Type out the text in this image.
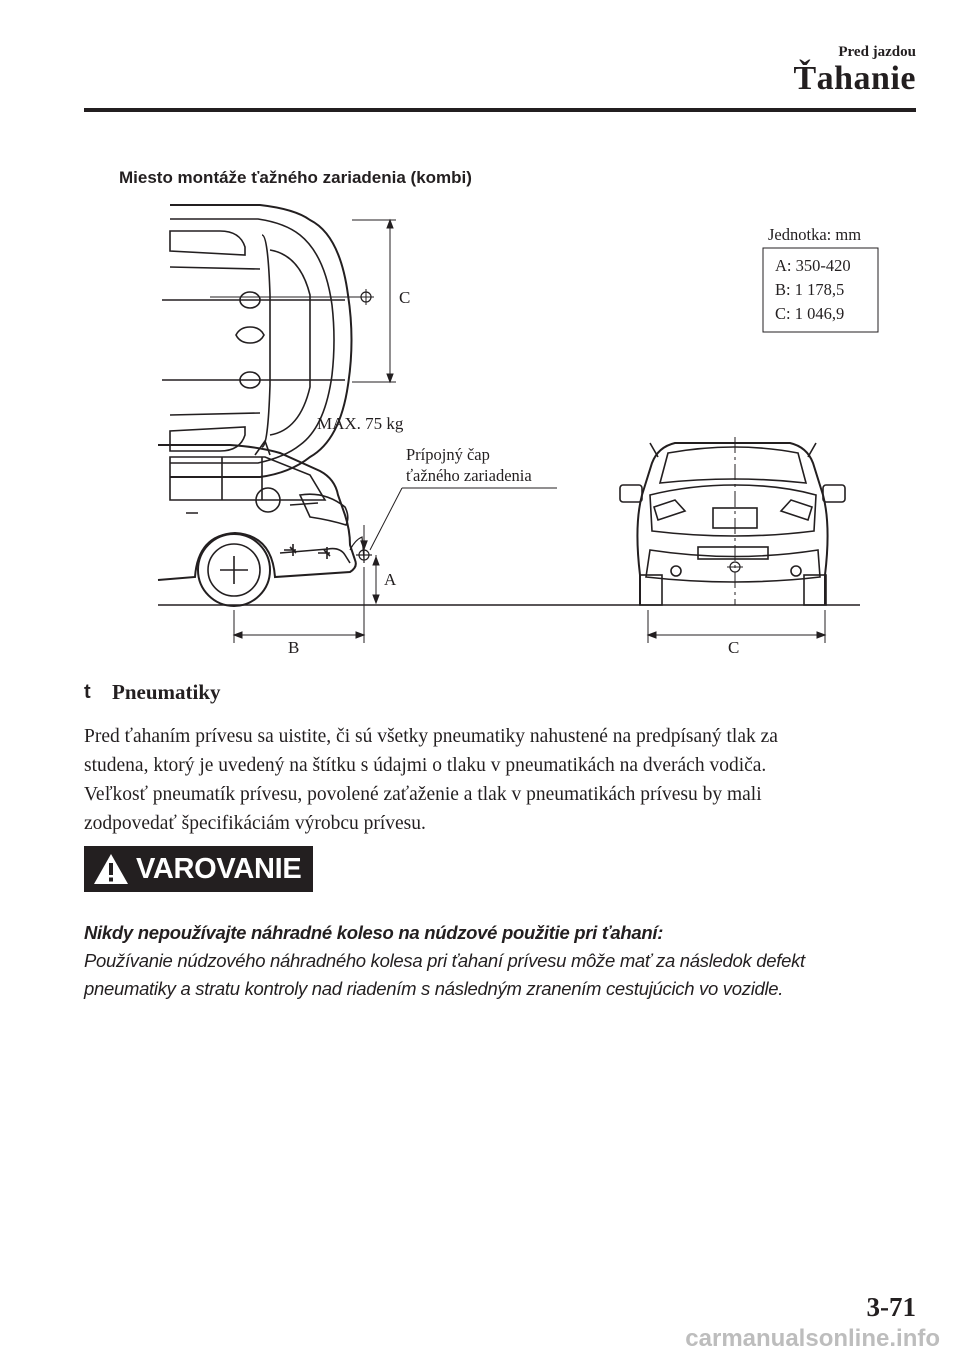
Pred jazdou
Ťahanie
Miesto montáže ťažného zariadenia (kombi)
C
Jednotka: mm
A: 350-420
B: 1 178,5
C: 1 046,9
MAX. 75 kg
Prípojný čap
ťažného zariadenia
A
B	C
t	Pneumatiky
Pred ťahaním prívesu sa uistite, či sú všetky pneumatiky nahustené na predpísaný tlak za
studena, ktorý je uvedený na štítku s údajmi o tlaku v pneumatikách na dverách vodiča.
Veľkosť pneumatík prívesu, povolené zaťaženie a tlak v pneumatikách prívesu by mali
zodpovedať špecifikáciám výrobcu prívesu.
VAROVANIE
Nikdy nepoužívajte náhradné koleso na núdzové použitie pri ťahaní:
Používanie núdzového náhradného kolesa pri ťahaní prívesu môže mať za následok defekt
pneumatiky a stratu kontroly nad riadením s následným zranením cestujúcich vo vozidle.
3-71
carmanualsonline.info
